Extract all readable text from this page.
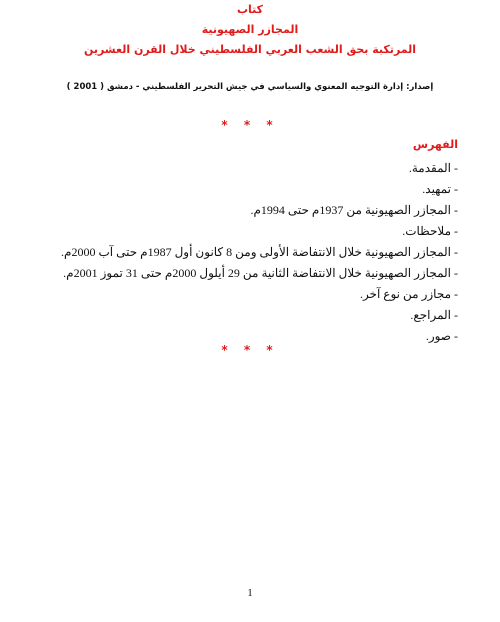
كتاب
المجازر الصهيونية
المرتكبة بحق الشعب العربي الفلسطيني خلال القرن العشرين
إصدار: إدارة التوجيه المعنوي والسياسي في جيش التحرير الفلسطيني - دمشق ( 2001 )
* * *
الفهرس
- المقدمة.
- تمهيد.
- المجازر الصهيونية من 1937م حتى 1994م.
- ملاحظات.
- المجازر الصهيونية خلال الانتفاضة الأولى ومن 8 كانون أول 1987م حتى آب 2000م.
- المجازر الصهيونية خلال الانتفاضة الثانية من 29 أيلول 2000م حتى 31 تموز 2001م.
- مجازر من نوع آخر.
- المراجع.
- صور.
* * *
1
